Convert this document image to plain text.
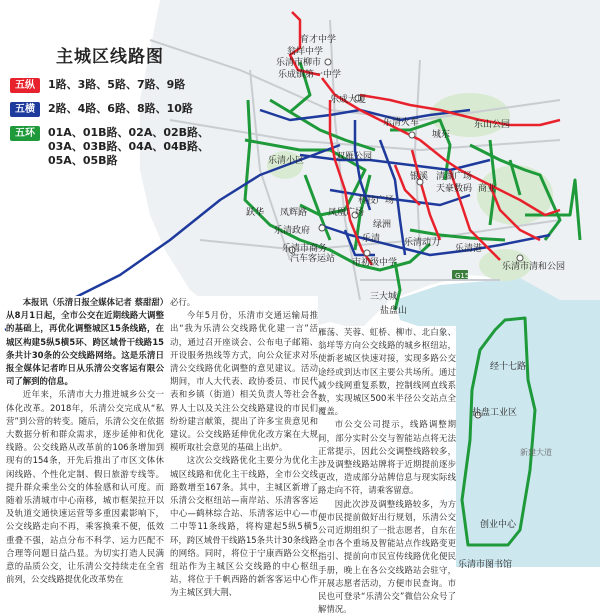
育才中学
翁垟中学
乐清市柳市
乐成镇第一中学
乐成大厦
乐清火车	东山公园
城东
乐清小区	双雁公园
清湖广场
银溪
天豪数码 商业
科技广场
跃华 凤辉路 凤凰广场
乐清政府
绿洲
乐清
乐清市商务
汽车客运站 市初级中学
乐清动力
乐清港
乐清市清和公园
G15
三大城
盐盘山
经十七路
盐盘工业区
创业中心
乐清市图书馆
新建大道
主城区线路图
五纵 1路、3路、5路、7路、9路
五横 2路、4路、6路、8路、10路
五环 01A、01B路、02A、02B路、03A、03B路、04A、04B路、05A、05B路

本报讯（乐清日报全媒体记者 蔡甜甜）从8月1日起，全市公交在近期线路大调整的基础上，再优化调整城区15条线路，在城区构建5纵5横5环、跨区域骨干线路15条共计30条的公交线路网络。这是乐清日报全媒体记者昨日从乐清公交客运有限公司了解到的信息。

近年来，乐清市大力推进城乡公交一体化改革。2018年，乐清公交完成从“私营”到公营的转变。随后，乐清公交在依据大数据分析和群众需求，逐步延伸和优化线路。公交线路从改革前的106条增加到现有的154条，开先后推出了市区文体休闲线路、个性化定制、假日旅游专线等。提升群众乘坐公交的体验感和认可度。而随着乐清城市中心南移，城市框架拉开以及轨道交通快速运营等多重因素影响下，公交线路走向不再，乘客换乘不便，低效重叠不强，站点分布不科学、运力匹配不合理等问题日益凸显。为切实打造人民满意的品质公交，让乐清公交持续走在全省前列，公交线路提优化改革势在

必行。

今年5月份，乐清市交通运输局推出“我为乐清公交线路优化建一言”活动，通过召开座谈会、公布电子邮箱、开设服务热线等方式，向公众征求对乐清公交线路优化调整的意见建议。活动期间，市人大代表、政协委员、市民代表和乡镇（街道）相关负责人等社会各界人士以及关注公交线路建设的市民们纷纷建言献策，提出了许多宝贵意见和建议。公交线路延伸优化改方案在大规模听取社会意见的基础上出炉。

这次公交线路优化主要分为优化主城区线路和优化主干线路，全市公交线路数增至167条。其中，主城区新增了乐清公交枢纽站—南岸站、乐清客客运中心—鹤林综合站、乐清客运中心—市二中等11条线路，将构建起5纵5横5环，跨区域骨干线路15条共计30条线路的网络。同时，将位于宁康西路公交枢纽站作为主城区公交线路的中心枢纽站，将位于千帆西路的新客客运中心作为主城区到大荆、

雁荡、芙蓉、虹桥、柳市、北白象、翁垟等方向公交线路的城乡枢纽站，使新老城区快速对接，实现多路公交途经或到达市区主要公共场所。通过减少线网重复系数，控制线网直线系数，实现城区500米半径公交站点全覆盖。

市公交公司提示，线路调整期间，部分实时公交与智能站点将无法正常提示，因此公交调整线路较多，涉及调整线路站牌将于近期提前逐步更改，造成部分站牌信息与现实际线路走向不符，请乘客留意。

因此次涉及调整线路较多，为方便市民提前做好出行规划，乐清公交公司近期组织了一批志愿者，自东在全市各个重场及智能站点作线路变更指引、提前向市民宣传线路优化便民手册，晚上在各公交线路站会驻守，开展志愿者活动，方便市民查询。市民也可登录“乐清公交”微信公众号了解情况。
